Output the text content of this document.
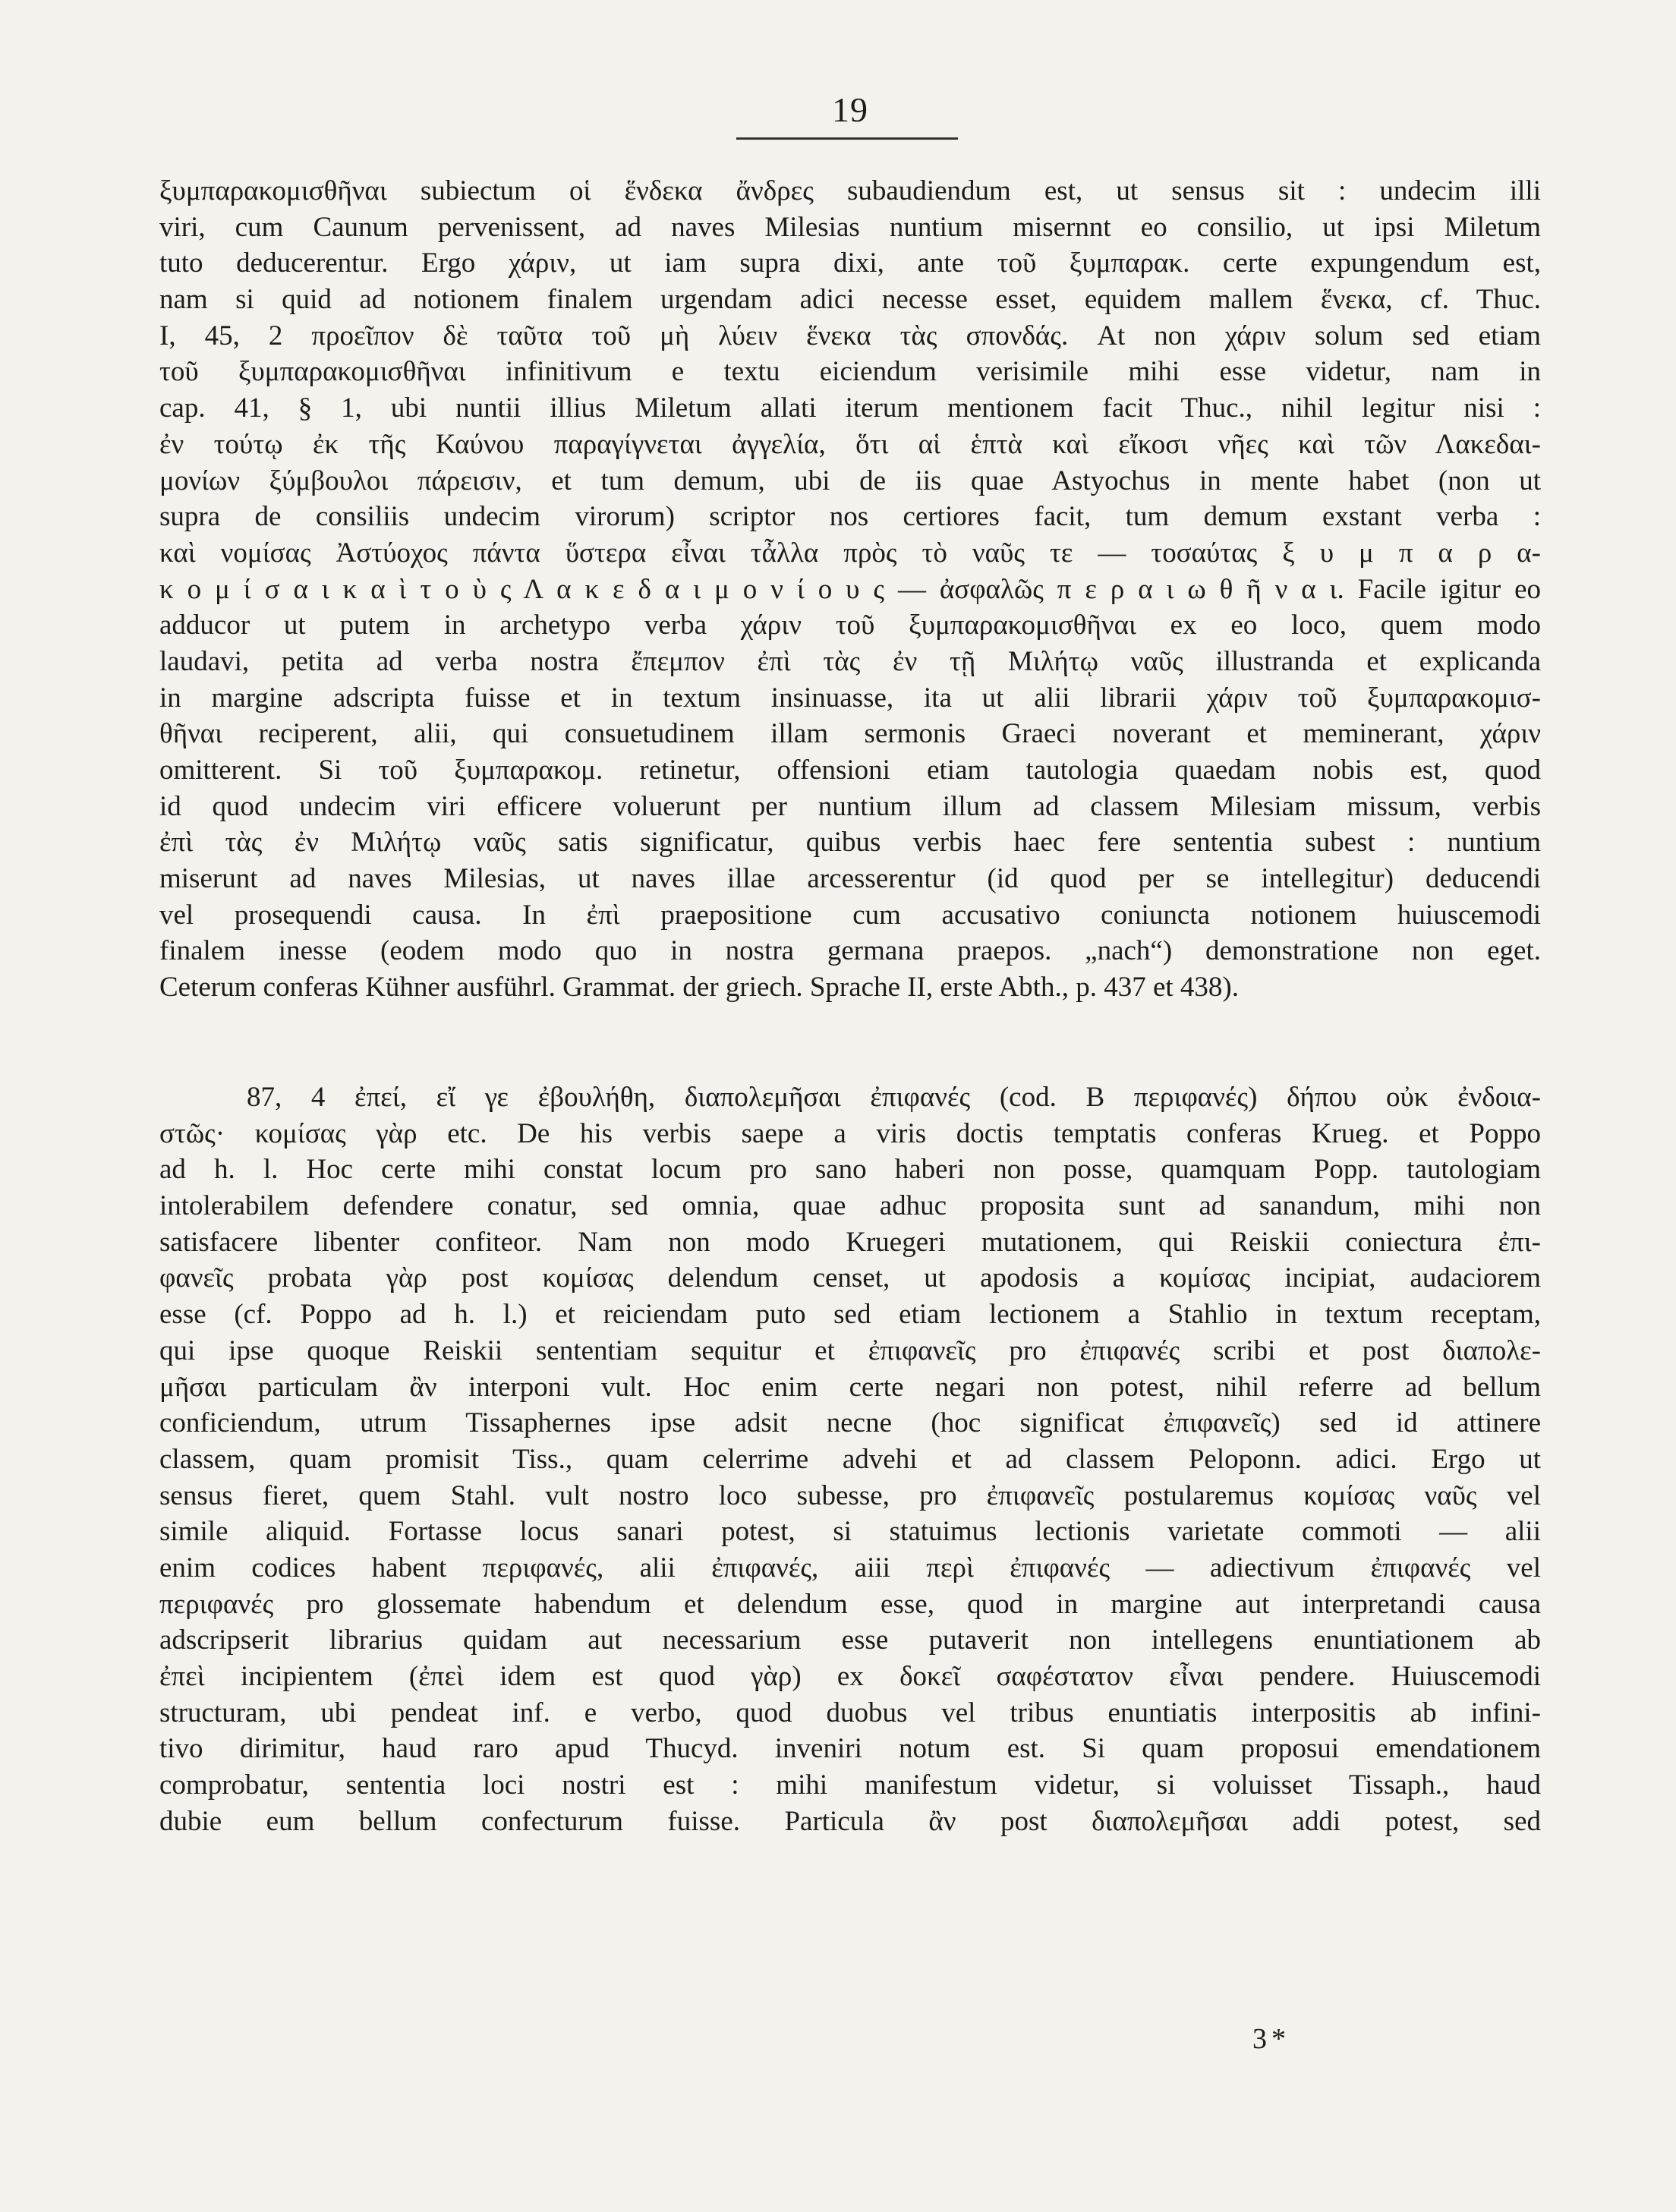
19
ξυμπαρακομισθῆναι subiectum οἱ ἕνδεκα ἄνδρες subaudiendum est, ut sensus sit : undecim illi
viri, cum Caunum pervenissent, ad naves Milesias nuntium misernnt eo consilio, ut ipsi Miletum
tuto deducerentur. Ergo χάριν, ut iam supra dixi, ante τοῦ ξυμπαρακ. certe expungendum est,
nam si quid ad notionem finalem urgendam adici necesse esset, equidem mallem ἕνεκα, cf. Thuc.
I, 45, 2 προεῖπον δὲ ταῦτα τοῦ μὴ λύειν ἕνεκα τὰς σπονδάς. At non χάριν solum sed etiam
τοῦ ξυμπαρακομισθῆναι infinitivum e textu eiciendum verisimile mihi esse videtur, nam in
cap. 41, § 1, ubi nuntii illius Miletum allati iterum mentionem facit Thuc., nihil legitur nisi :
ἐν τούτῳ ἐκ τῆς Καύνου παραγίγνεται ἀγγελία, ὅτι αἱ ἑπτὰ καὶ εἴκοσι νῆες καὶ τῶν Λακεδαι-
μονίων ξύμβουλοι πάρεισιν, et tum demum, ubi de iis quae Astyochus in mente habet (non ut
supra de consiliis undecim virorum) scriptor nos certiores facit, tum demum exstant verba :
καὶ νομίσας Ἀστύοχος πάντα ὕστερα εἶναι τἆλλα πρὸς τὸ ναῦς τε — τοσαύτας ξ υ μ π α ρ α-
κ ο μ ί σ α ι κ α ὶ τ ο ὺ ς Λ α κ ε δ α ι μ ο ν ί ο υ ς — ἀσφαλῶς π ε ρ α ι ω θ ῆ ν α ι. Facile igitur eo
adducor ut putem in archetypo verba χάριν τοῦ ξυμπαρακομισθῆναι ex eo loco, quem modo
laudavi, petita ad verba nostra ἔπεμπον ἐπὶ τὰς ἐν τῇ Μιλήτῳ ναῦς illustranda et explicanda
in margine adscripta fuisse et in textum insinuasse, ita ut alii librarii χάριν τοῦ ξυμπαρακομισ-
θῆναι reciperent, alii, qui consuetudinem illam sermonis Graeci noverant et meminerant, χάριν
omitterent. Si τοῦ ξυμπαρακομ. retinetur, offensioni etiam tautologia quaedam nobis est, quod
id quod undecim viri efficere voluerunt per nuntium illum ad classem Milesiam missum, verbis
ἐπὶ τὰς ἐν Μιλήτῳ ναῦς satis significatur, quibus verbis haec fere sententia subest : nuntium
miserunt ad naves Milesias, ut naves illae arcesserentur (id quod per se intellegitur) deducendi
vel prosequendi causa. In ἐπὶ praepositione cum accusativo coniuncta notionem huiuscemodi
finalem inesse (eodem modo quo in nostra germana praepos. „nach“) demonstratione non eget.
Ceterum conferas Kühner ausführl. Grammat. der griech. Sprache II, erste Abth., p. 437 et 438).
87, 4 ἐπεί, εἴ γε ἐβουλήθη, διαπολεμῆσαι ἐπιφανές (cod. B περιφανές) δήπου οὐκ ἐνδοια-
στῶς· κομίσας γὰρ etc. De his verbis saepe a viris doctis temptatis conferas Krueg. et Poppo
ad h. l. Hoc certe mihi constat locum pro sano haberi non posse, quamquam Popp. tautologiam
intolerabilem defendere conatur, sed omnia, quae adhuc proposita sunt ad sanandum, mihi non
satisfacere libenter confiteor. Nam non modo Kruegeri mutationem, qui Reiskii coniectura ἐπι-
φανεῖς probata γὰρ post κομίσας delendum censet, ut apodosis a κομίσας incipiat, audaciorem
esse (cf. Poppo ad h. l.) et reiciendam puto sed etiam lectionem a Stahlio in textum receptam,
qui ipse quoque Reiskii sententiam sequitur et ἐπιφανεῖς pro ἐπιφανές scribi et post διαπολε-
μῆσαι particulam ἂν interponi vult. Hoc enim certe negari non potest, nihil referre ad bellum
conficiendum, utrum Tissaphernes ipse adsit necne (hoc significat ἐπιφανεῖς) sed id attinere
classem, quam promisit Tiss., quam celerrime advehi et ad classem Peloponn. adici. Ergo ut
sensus fieret, quem Stahl. vult nostro loco subesse, pro ἐπιφανεῖς postularemus κομίσας ναῦς vel
simile aliquid. Fortasse locus sanari potest, si statuimus lectionis varietate commoti — alii
enim codices habent περιφανές, alii ἐπιφανές, aiii περὶ ἐπιφανές — adiectivum ἐπιφανές vel
περιφανές pro glossemate habendum et delendum esse, quod in margine aut interpretandi causa
adscripserit librarius quidam aut necessarium esse putaverit non intellegens enuntiationem ab
ἐπεὶ incipientem (ἐπεὶ idem est quod γὰρ) ex δοκεῖ σαφέστατον εἶναι pendere. Huiuscemodi
structuram, ubi pendeat inf. e verbo, quod duobus vel tribus enuntiatis interpositis ab infini-
tivo dirimitur, haud raro apud Thucyd. inveniri notum est. Si quam proposui emendationem
comprobatur, sententia loci nostri est : mihi manifestum videtur, si voluisset Tissaph., haud
dubie eum bellum confecturum fuisse. Particula ἂν post διαπολεμῆσαι addi potest, sed
3*
